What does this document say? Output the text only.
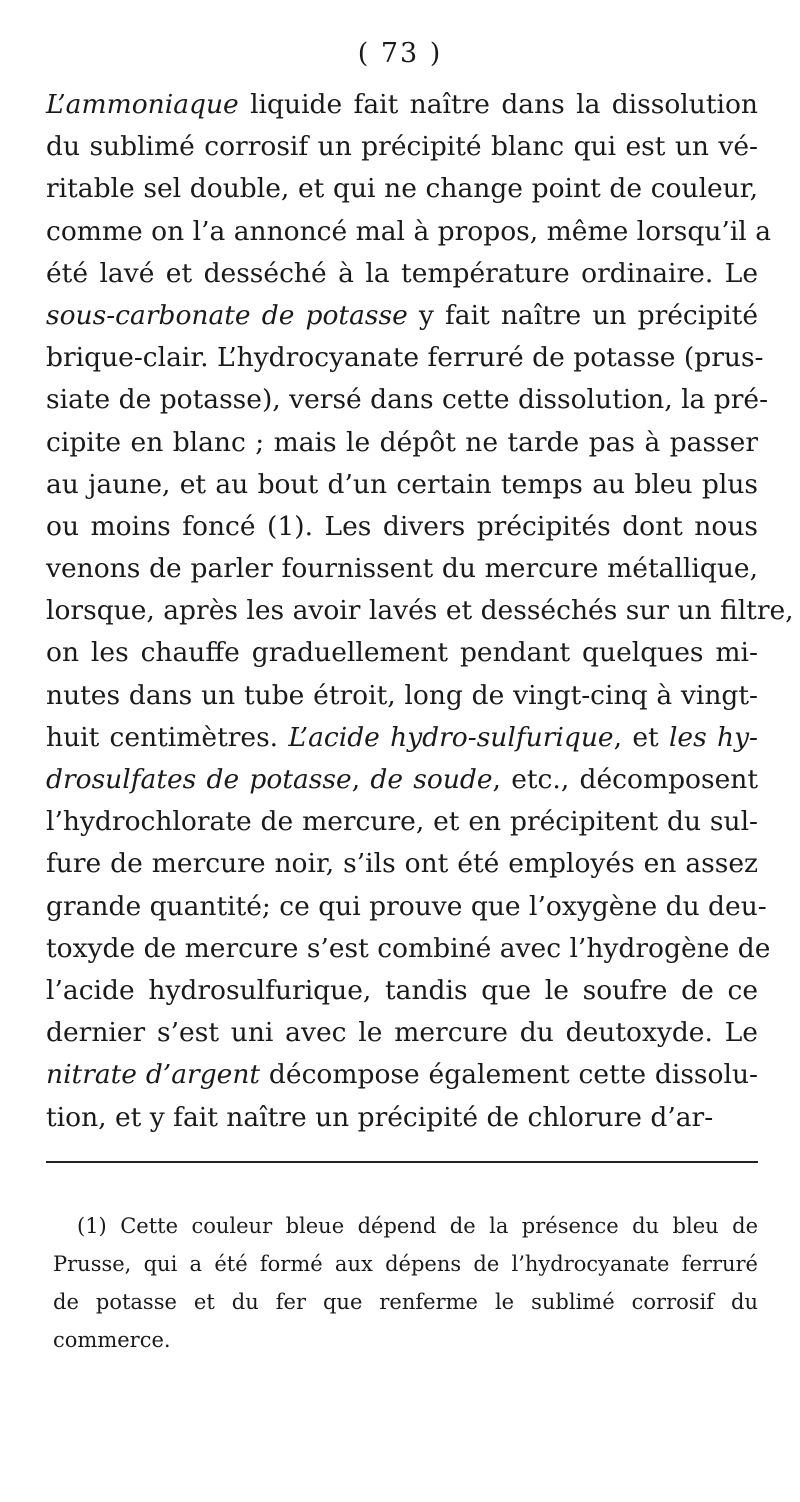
( 73 )
L’ammoniaque liquide fait naître dans la dissolution
du sublimé corrosif un précipité blanc qui est un vé-
ritable sel double, et qui ne change point de couleur,
comme on l’a annoncé mal à propos, même lorsqu’il a
été lavé et desséché à la température ordinaire. Le
sous-carbonate de potasse y fait naître un précipité
brique-clair. L’hydrocyanate ferruré de potasse (prus-
siate de potasse), versé dans cette dissolution, la pré-
cipite en blanc ; mais le dépôt ne tarde pas à passer
au jaune, et au bout d’un certain temps au bleu plus
ou moins foncé (1). Les divers précipités dont nous
venons de parler fournissent du mercure métallique,
lorsque, après les avoir lavés et desséchés sur un filtre,
on les chauffe graduellement pendant quelques mi-
nutes dans un tube étroit, long de vingt-cinq à vingt-
huit centimètres. L’acide hydro-sulfurique, et les hy-
drosulfates de potasse, de soude, etc., décomposent
l’hydrochlorate de mercure, et en précipitent du sul-
fure de mercure noir, s’ils ont été employés en assez
grande quantité; ce qui prouve que l’oxygène du deu-
toxyde de mercure s’est combiné avec l’hydrogène de
l’acide hydrosulfurique, tandis que le soufre de ce
dernier s’est uni avec le mercure du deutoxyde. Le
nitrate d’argent décompose également cette dissolu-
tion, et y fait naître un précipité de chlorure d’ar-
(1) Cette couleur bleue dépend de la présence du bleu de
Prusse, qui a été formé aux dépens de l’hydrocyanate ferruré
de potasse et du fer que renferme le sublimé corrosif du
commerce.
